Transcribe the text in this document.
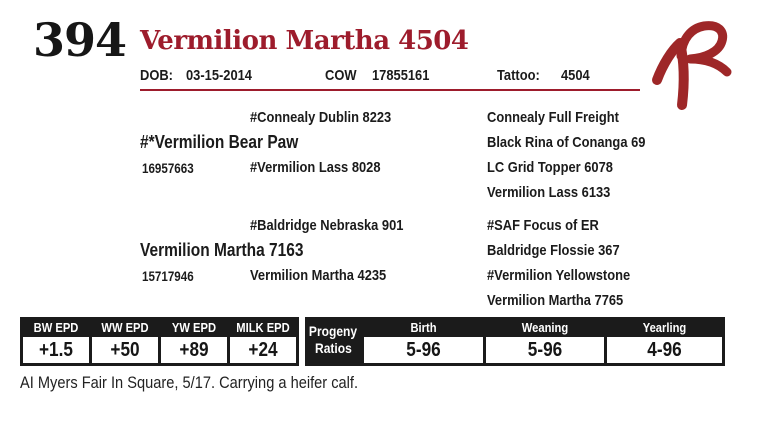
394 Vermilion Martha 4504
DOB: 03-15-2014	COW 17855161	Tattoo: 4504
#Connealy Dublin 8223
#*Vermilion Bear Paw
16957663	#Vermilion Lass 8028
Connealy Full Freight
Black Rina of Conanga 69
LC Grid Topper 6078
Vermilion Lass 6133
#Baldridge Nebraska 901
Vermilion Martha 7163
15717946	Vermilion Martha 4235
#SAF Focus of ER
Baldridge Flossie 367
#Vermilion Yellowstone
Vermilion Martha 7765
BW EPD	WW EPD	YW EPD	MILK EPD
+1.5	+50	+89	+24
Progeny
Ratios
Birth	Weaning	Yearling
5-96	5-96	4-96
AI Myers Fair In Square, 5/17. Carrying a heifer calf.
